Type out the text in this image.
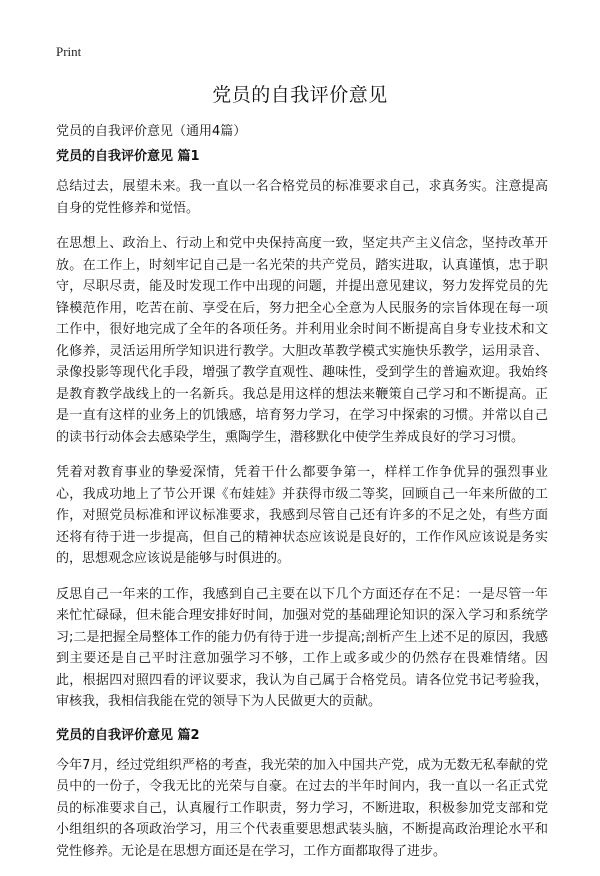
Print
党员的自我评价意见

党员的自我评价意见（通用4篇）

党员的自我评价意见 篇1

总结过去，展望未来。我一直以一名合格党员的标准要求自己，求真务实。注意提高自身的党性修养和觉悟。

在思想上、政治上、行动上和党中央保持高度一致，坚定共产主义信念，坚持改革开放。在工作上，时刻牢记自己是一名光荣的共产党员，踏实进取，认真谨慎，忠于职守，尽职尽责，能及时发现工作中出现的问题，并提出意见建议，努力发挥党员的先锋模范作用，吃苦在前、享受在后，努力把全心全意为人民服务的宗旨体现在每一项工作中，很好地完成了全年的各项任务。并利用业余时间不断提高自身专业技术和文化修养，灵活运用所学知识进行教学。大胆改革教学模式实施快乐教学，运用录音、录像投影等现代化手段，增强了教学直观性、趣味性，受到学生的普遍欢迎。我始终是教育教学战线上的一名新兵。我总是用这样的想法来鞭策自己学习和不断提高。正是一直有这样的业务上的饥饿感，培育努力学习，在学习中探索的习惯。并常以自己的读书行动体会去感染学生，熏陶学生，潜移默化中使学生养成良好的学习习惯。

凭着对教育事业的挚爱深情，凭着干什么都要争第一，样样工作争优异的强烈事业心，我成功地上了节公开课《布娃娃》并获得市级二等奖，回顾自己一年来所做的工作，对照党员标准和评议标准要求，我感到尽管自己还有许多的不足之处，有些方面还将有待于进一步提高，但自己的精神状态应该说是良好的，工作作风应该说是务实的，思想观念应该说是能够与时俱进的。

反思自己一年来的工作，我感到自己主要在以下几个方面还存在不足：一是尽管一年来忙忙碌碌，但未能合理安排好时间，加强对党的基础理论知识的深入学习和系统学习;二是把握全局整体工作的能力仍有待于进一步提高;剖析产生上述不足的原因，我感到主要还是自己平时注意加强学习不够，工作上或多或少的仍然存在畏难情绪。因此，根据四对照四看的评议要求，我认为自己属于合格党员。请各位党书记考验我，审核我，我相信我能在党的领导下为人民做更大的贡献。

党员的自我评价意见 篇2

今年7月，经过党组织严格的考查，我光荣的加入中国共产党，成为无数无私奉献的党员中的一份子，令我无比的光荣与自豪。在过去的半年时间内，我一直以一名正式党员的标准要求自己，认真履行工作职责，努力学习，不断进取，积极参加党支部和党小组组织的各项政治学习，用三个代表重要思想武装头脑，不断提高政治理论水平和党性修养。无论是在思想方面还是在学习，工作方面都取得了进步。
